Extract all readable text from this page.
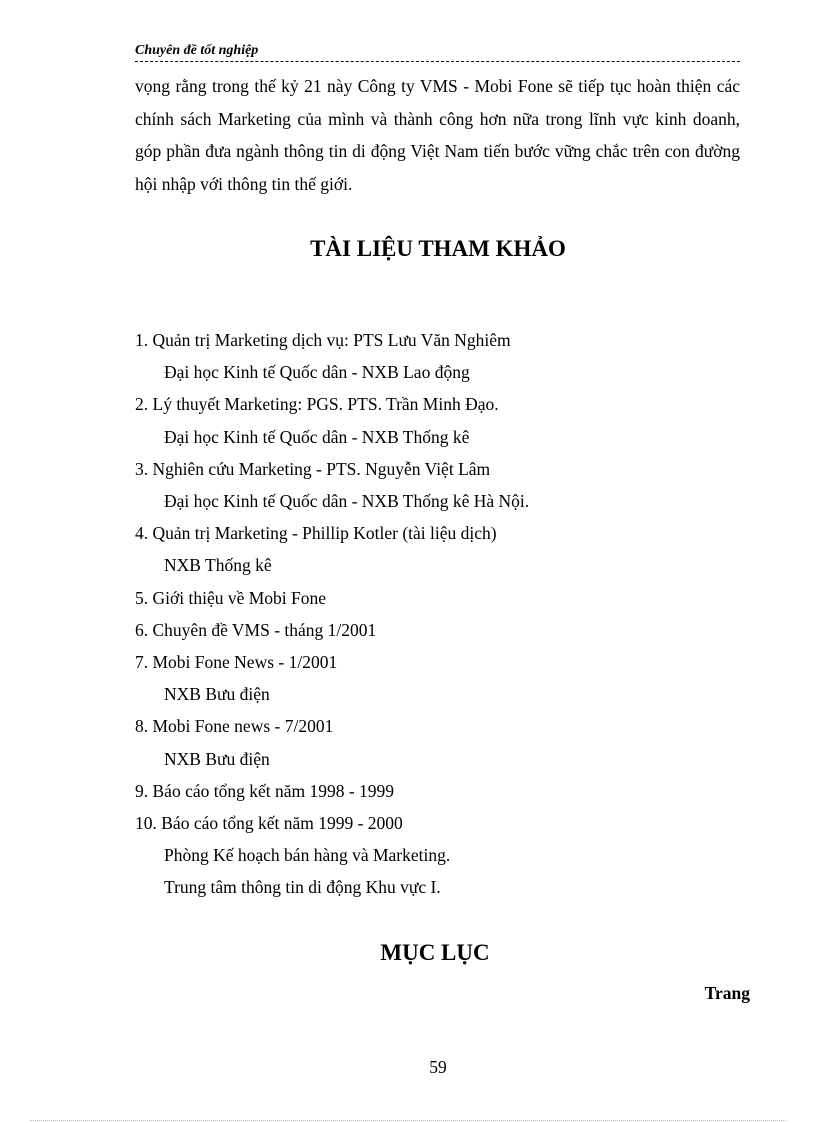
Chuyên đề tốt nghiệp

vọng rằng trong thế kỷ 21 này Công ty VMS - Mobi Fone sẽ tiếp tục hoàn thiện các chính sách Marketing của mình và thành công hơn nữa trong lĩnh vực kinh doanh, góp phần đưa ngành thông tin di động Việt Nam tiến bước vững chắc trên con đường hội nhập với thông tin thế giới.

TÀI LIỆU THAM KHẢO
1. Quản trị Marketing dịch vụ: PTS Lưu Văn Nghiêm
Đại học Kinh tế Quốc dân - NXB Lao động
2. Lý thuyết Marketing: PGS. PTS. Trần Minh Đạo.
Đại học Kinh tế Quốc dân - NXB Thống kê
3. Nghiên cứu Marketing - PTS. Nguyễn Việt Lâm
Đại học Kinh tế Quốc dân - NXB Thống kê Hà Nội.
4. Quản trị Marketing - Phillip Kotler (tài liệu dịch)
NXB Thống kê
5. Giới thiệu về Mobi Fone
6. Chuyên đề VMS - tháng 1/2001
7. Mobi Fone News - 1/2001
NXB Bưu điện
8. Mobi Fone news - 7/2001
NXB Bưu điện
9. Báo cáo tổng kết năm 1998 - 1999
10. Báo cáo tổng kết năm 1999 - 2000
Phòng Kế hoạch bán hàng và Marketing.
Trung tâm thông tin di động Khu vực I.
MỤC LỤC
Trang
59
